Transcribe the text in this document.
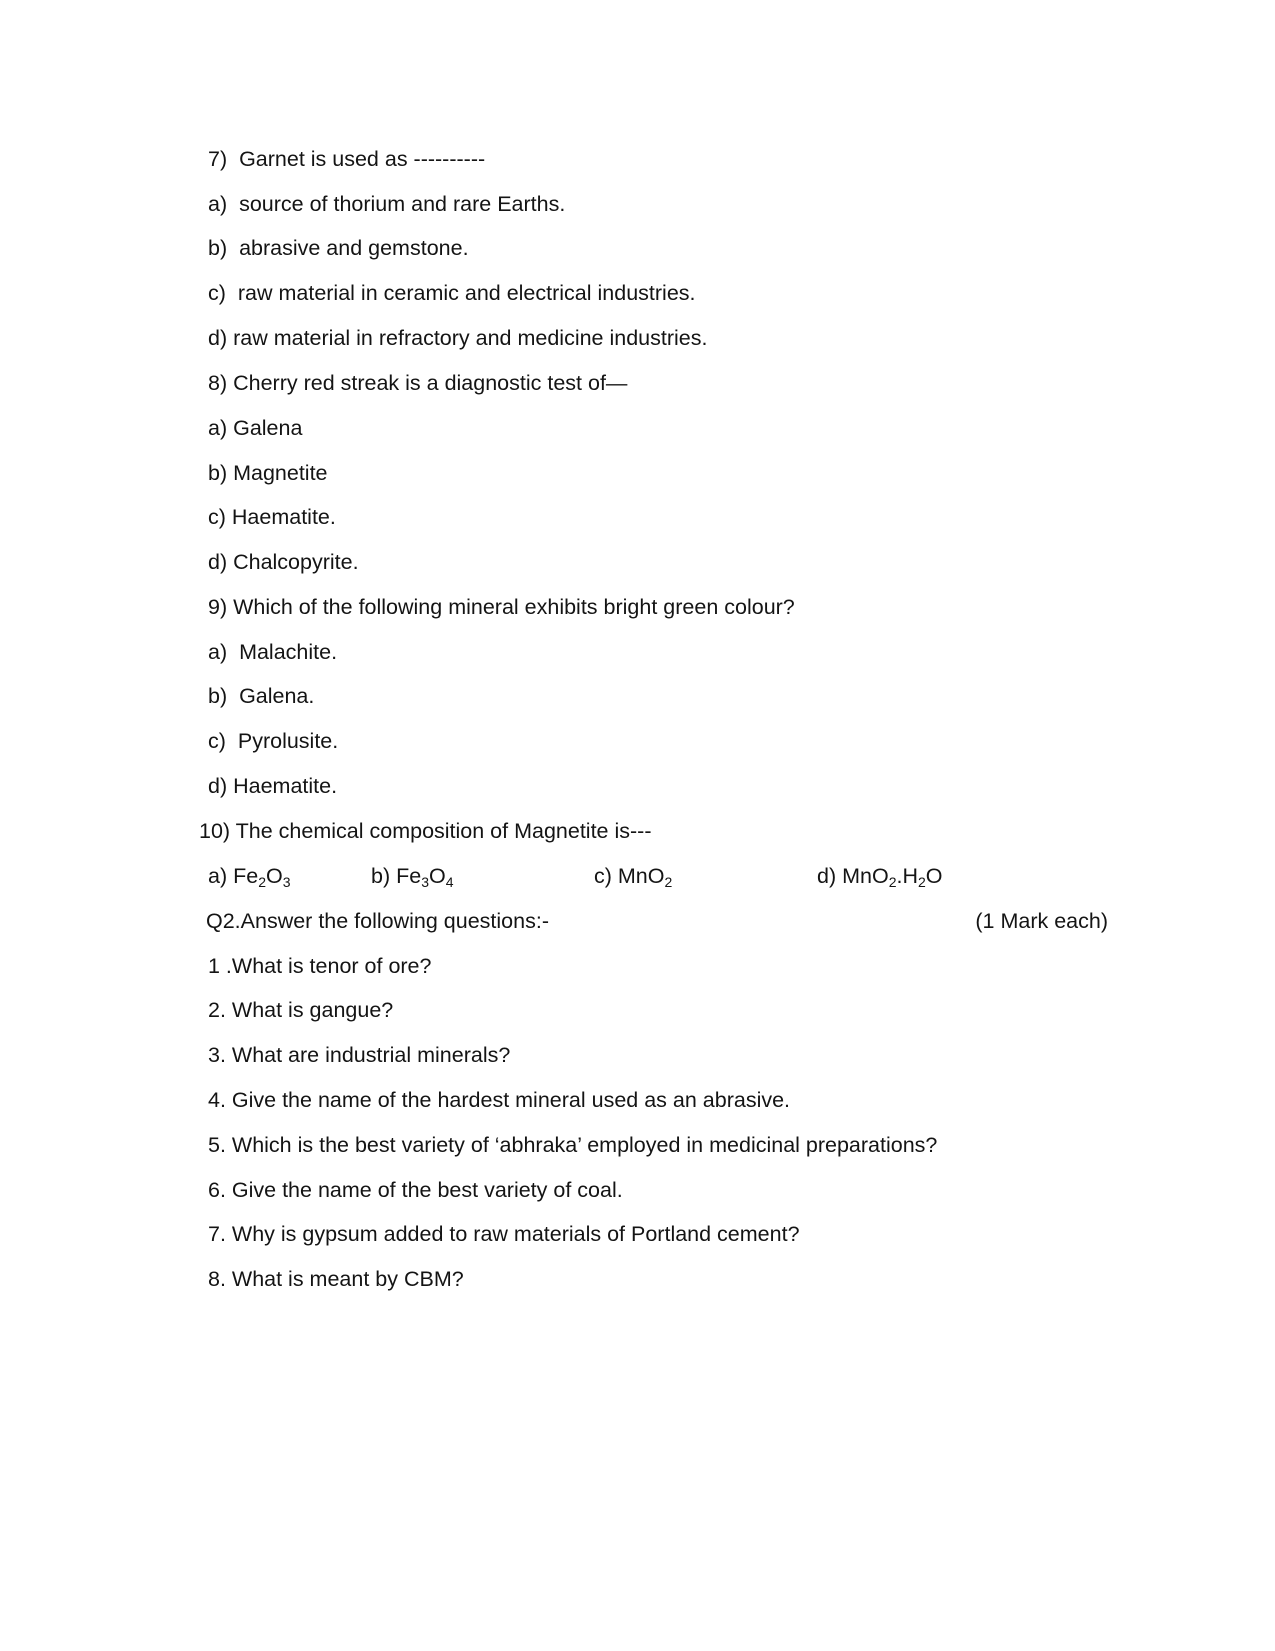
7)  Garnet is used as ----------

a)  source of thorium and rare Earths.

b)  abrasive and gemstone.

c)  raw material in ceramic and electrical industries.

d) raw material in refractory and medicine industries.

8) Cherry red streak is a diagnostic test of—

a) Galena

b) Magnetite

c) Haematite.

d) Chalcopyrite.

9) Which of the following mineral exhibits bright green colour?

a)  Malachite.

b)  Galena.

c)  Pyrolusite.

d) Haematite.

10) The chemical composition of Magnetite is---

a) $Fe_2O_3$	b) $Fe_3O_4$	c) MnO$_2$	d) $MnO_2.H_2O$

Q2.Answer the following questions:-	(1 Mark each)

1 .What is tenor of ore?

2. What is gangue?

3. What are industrial minerals?

4. Give the name of the hardest mineral used as an abrasive.

5. Which is the best variety of ‘abhraka’ employed in medicinal preparations?

6. Give the name of the best variety of coal.

7. Why is gypsum added to raw materials of Portland cement?

8. What is meant by CBM?
